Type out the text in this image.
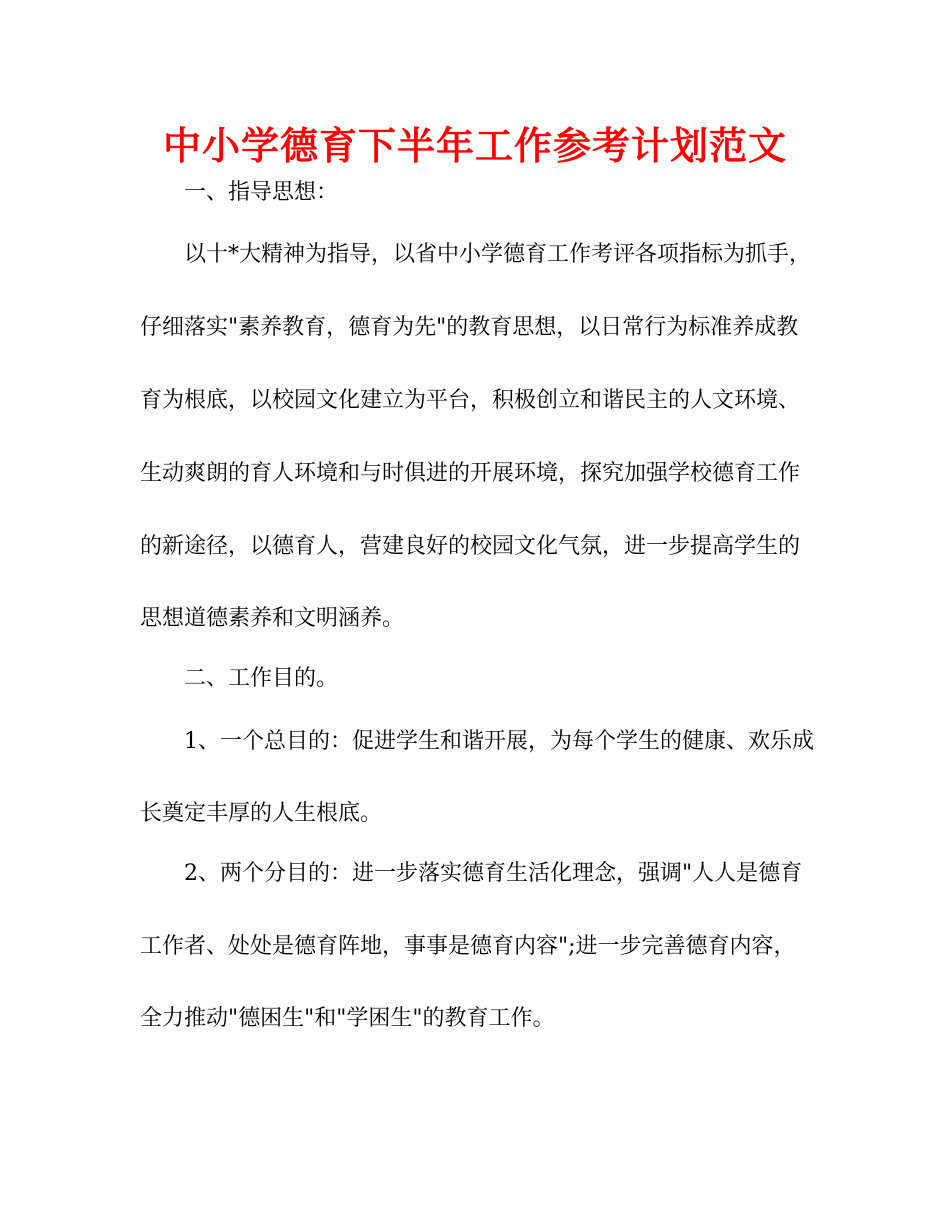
中小学德育下半年工作参考计划范文
一、指导思想：
以十*大精神为指导，以省中小学德育工作考评各项指标为抓手，
仔细落实"素养教育，德育为先"的教育思想，以日常行为标准养成教
育为根底，以校园文化建立为平台，积极创立和谐民主的人文环境、
生动爽朗的育人环境和与时俱进的开展环境，探究加强学校德育工作
的新途径，以德育人，营建良好的校园文化气氛，进一步提高学生的
思想道德素养和文明涵养。
二、工作目的。
1、一个总目的：促进学生和谐开展，为每个学生的健康、欢乐成
长奠定丰厚的人生根底。
2、两个分目的：进一步落实德育生活化理念，强调"人人是德育
工作者、处处是德育阵地，事事是德育内容";进一步完善德育内容，
全力推动"德困生"和"学困生"的教育工作。
